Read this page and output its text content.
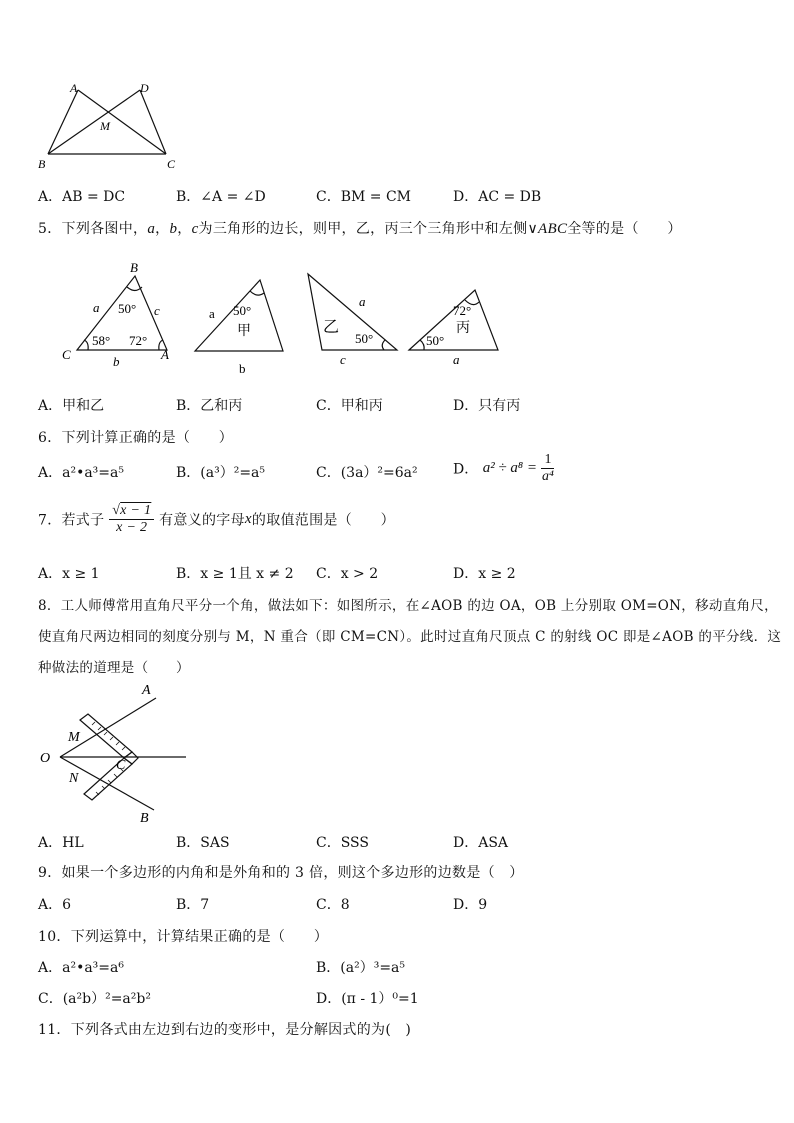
A	D
M
B	C
A．AB = DC	B．∠A = ∠D	C．BM = CM	D．AC = DB
5．下列各图中，a，b，c为三角形的边长，则甲，乙，丙三个三角形中和左侧∨ABC全等的是（　　）
B
C	A
a	c
b
50°
58° 72°
a 50°
甲
b
a
乙
50°
c
72°
丙
50°
a
A．甲和乙	B．乙和丙	C．甲和丙	D．只有丙
6．下列计算正确的是（　　）
A．a²•a³=a⁵	B．(a³）²=a⁵	C．(3a）²=6a²	D． $a^2 \div a^8 = \frac{1}{\text{a⁴}}$
7．若式子 $\frac{√x - 1}{x - 2}$ 有意义的字母x的取值范围是（　　）
A．x ≥ 1	B．x ≥ 1且 x ≠ 2 C．x > 2	D．x ≥ 2
8．工人师傅常用直角尺平分一个角，做法如下：如图所示，在∠AOB 的边 OA，OB 上分别取 OM=ON，移动直角尺，
使直角尺两边相同的刻度分别与 M，N 重合（即 CM=CN）。此时过直角尺顶点 C 的射线 OC 即是∠AOB 的平分线．这
种做法的道理是（　　）
A
O
M
C
N
B
A．HL	B．SAS	C．SSS	D．ASA
9．如果一个多边形的内角和是外角和的 3 倍，则这个多边形的边数是（　）
A．6	B．7	C．8	D．9
10．下列运算中，计算结果正确的是（　　）
A．a²•a³=a⁶	B．(a²）³=a⁵
C．(a²b）²=a²b²	D．(π - 1）⁰=1
11．下列各式由左边到右边的变形中，是分解因式的为(　)
